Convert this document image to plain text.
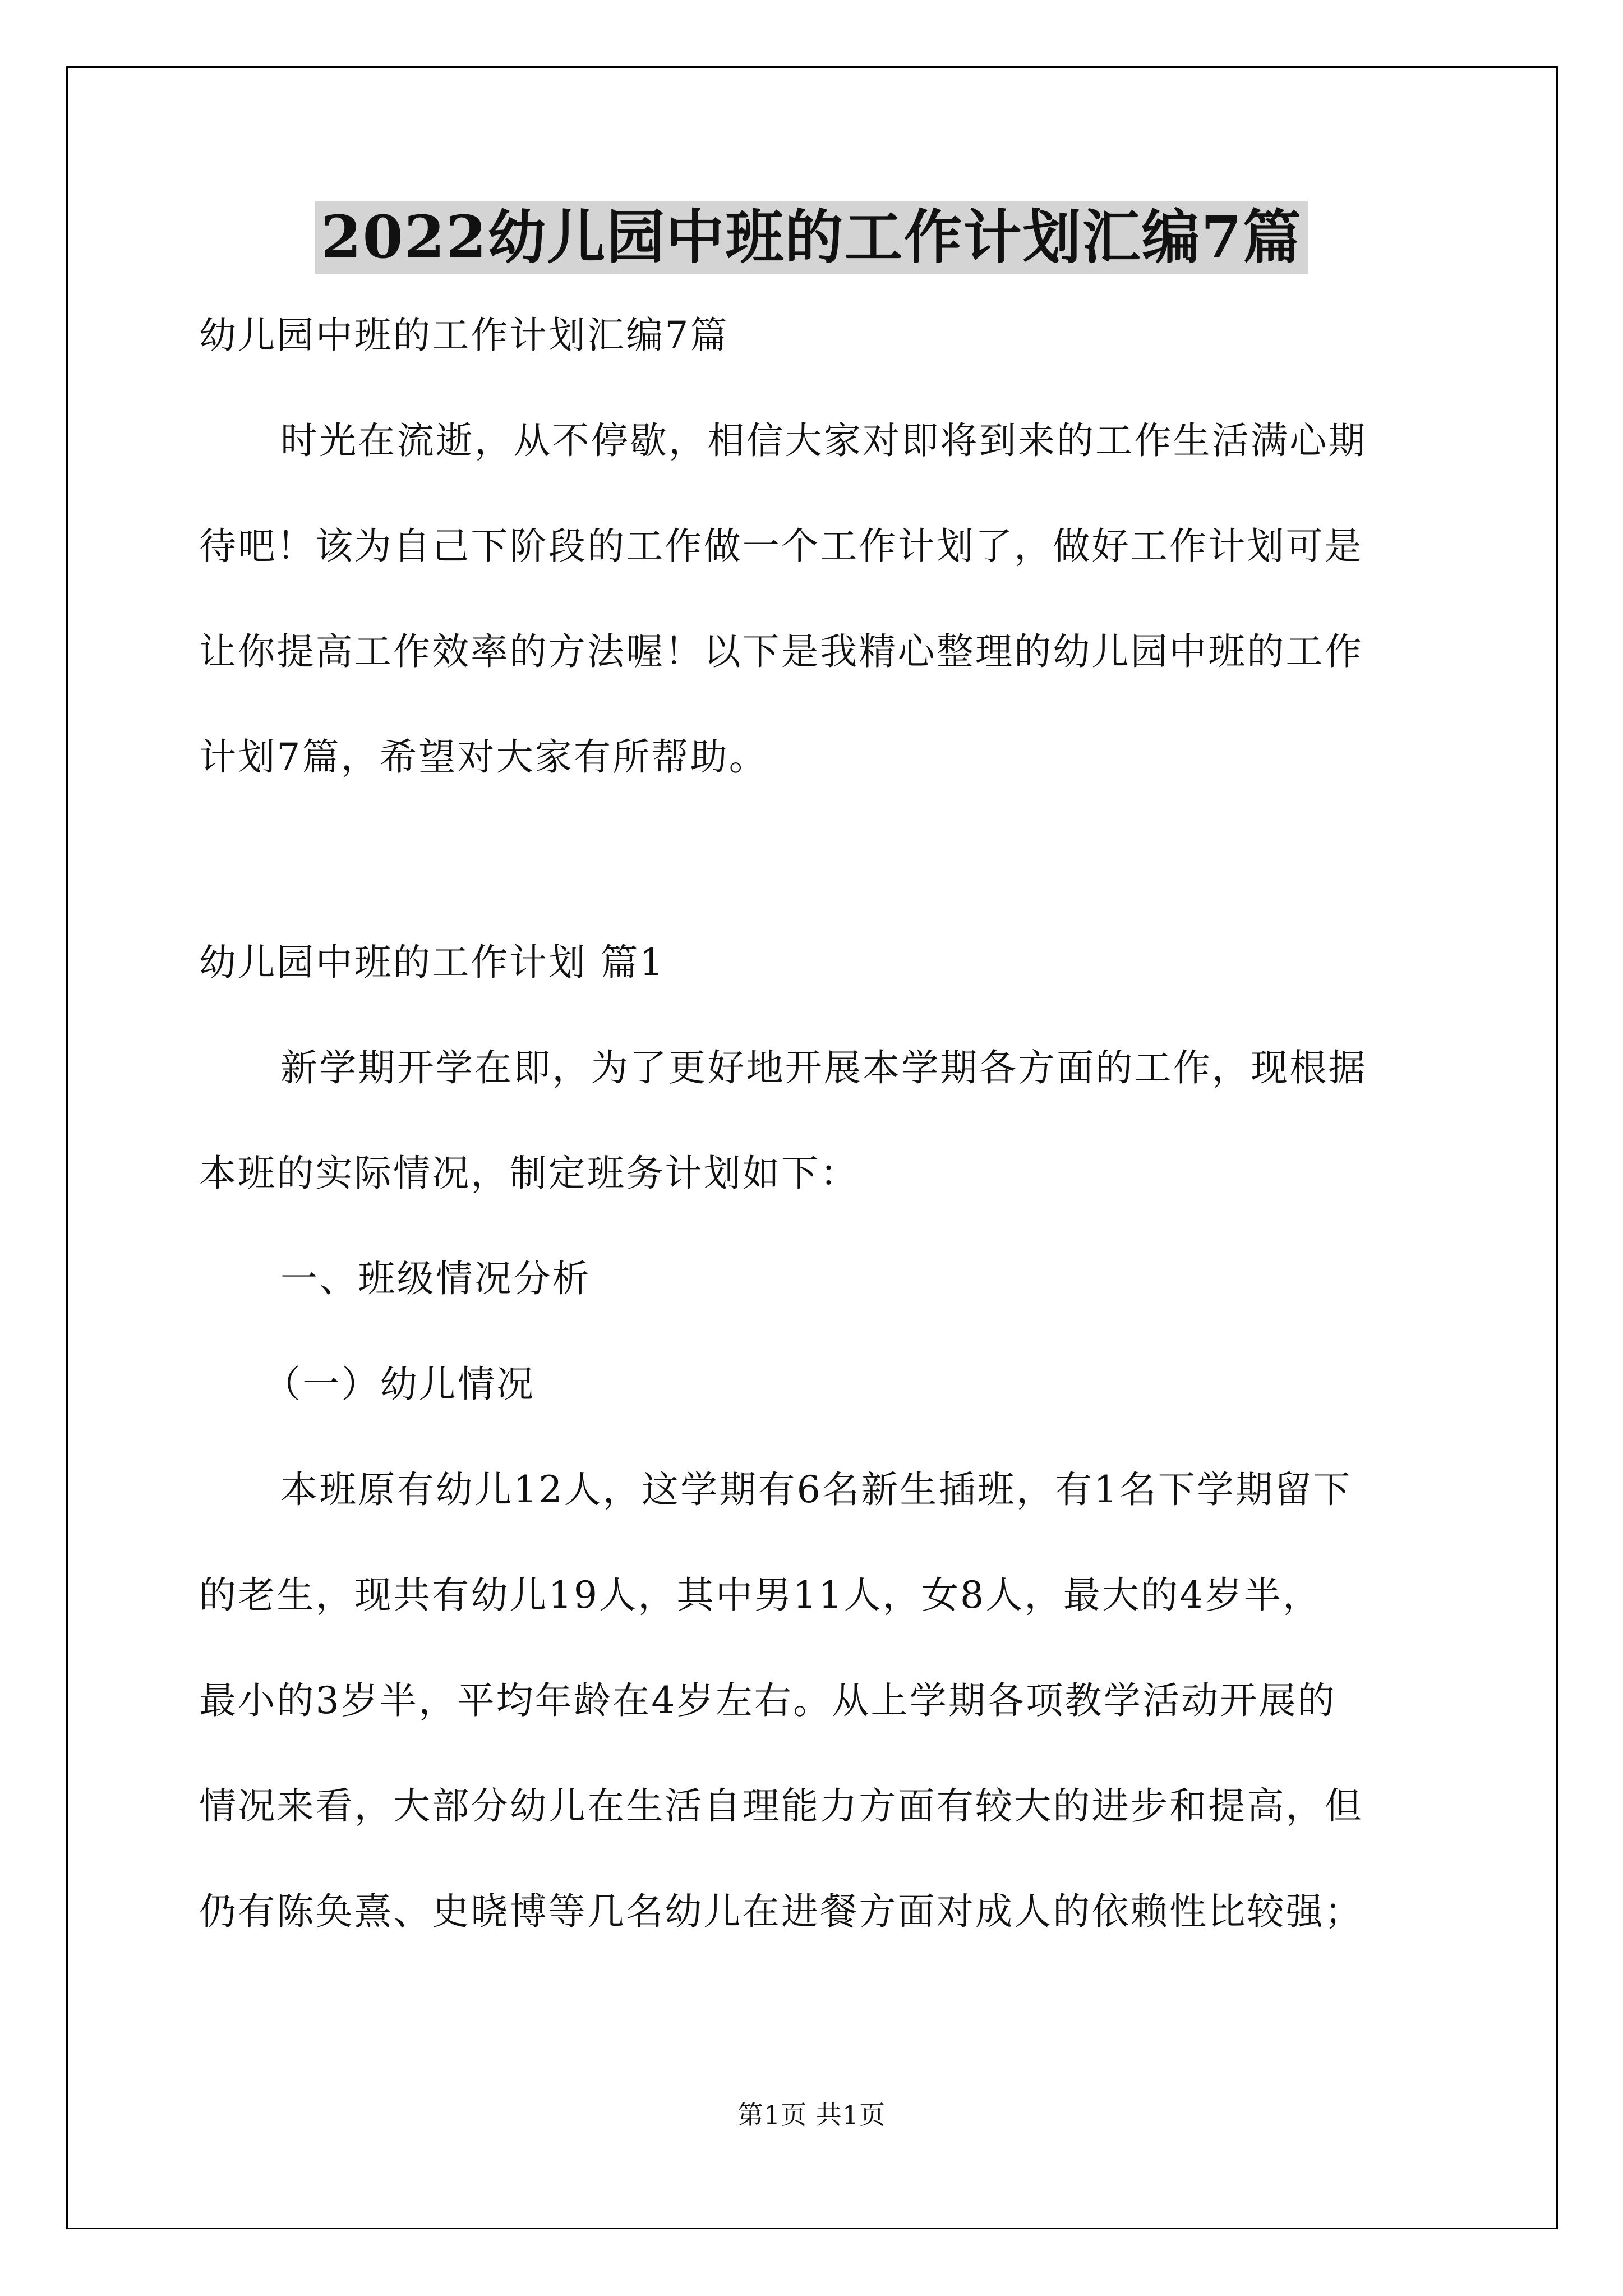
2022幼儿园中班的工作计划汇编7篇
幼儿园中班的工作计划汇编7篇
时光在流逝，从不停歇，相信大家对即将到来的工作生活满心期
待吧！该为自己下阶段的工作做一个工作计划了，做好工作计划可是
让你提高工作效率的方法喔！以下是我精心整理的幼儿园中班的工作
计划7篇，希望对大家有所帮助。
幼儿园中班的工作计划 篇1
新学期开学在即，为了更好地开展本学期各方面的工作，现根据
本班的实际情况，制定班务计划如下：
一、班级情况分析
（一）幼儿情况
本班原有幼儿12人，这学期有6名新生插班，有1名下学期留下
的老生，现共有幼儿19人，其中男11人，女8人，最大的4岁半，
最小的3岁半，平均年龄在4岁左右。从上学期各项教学活动开展的
情况来看，大部分幼儿在生活自理能力方面有较大的进步和提高，但
仍有陈奂熹、史晓博等几名幼儿在进餐方面对成人的依赖性比较强；
第1页 共1页
